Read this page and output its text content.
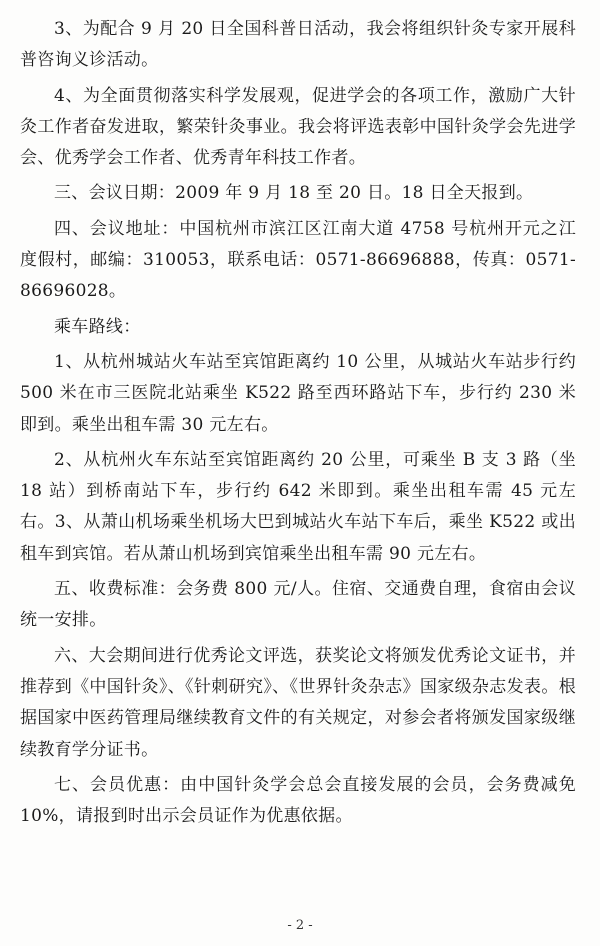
3、为配合 9 月 20 日全国科普日活动，我会将组织针灸专家开展科普咨询义诊活动。

4、为全面贯彻落实科学发展观，促进学会的各项工作，激励广大针灸工作者奋发进取，繁荣针灸事业。我会将评选表彰中国针灸学会先进学会、优秀学会工作者、优秀青年科技工作者。

三、会议日期：2009 年 9 月 18 至 20 日。18 日全天报到。

四、会议地址：中国杭州市滨江区江南大道 4758 号杭州开元之江度假村，邮编：310053，联系电话：0571-86696888，传真：0571-86696028。

乘车路线：

1、从杭州城站火车站至宾馆距离约 10 公里，从城站火车站步行约 500 米在市三医院北站乘坐 K522 路至西环路站下车，步行约 230 米即到。乘坐出租车需 30 元左右。

2、从杭州火车东站至宾馆距离约 20 公里，可乘坐 B 支 3 路（坐 18 站）到桥南站下车，步行约 642 米即到。乘坐出租车需 45 元左右。3、从萧山机场乘坐机场大巴到城站火车站下车后，乘坐 K522 或出租车到宾馆。若从萧山机场到宾馆乘坐出租车需 90 元左右。

五、收费标准：会务费 800 元/人。住宿、交通费自理，食宿由会议统一安排。

六、大会期间进行优秀论文评选，获奖论文将颁发优秀论文证书，并推荐到《中国针灸》、《针刺研究》、《世界针灸杂志》国家级杂志发表。根据国家中医药管理局继续教育文件的有关规定，对参会者将颁发国家级继续教育学分证书。

七、会员优惠：由中国针灸学会总会直接发展的会员，会务费减免 10%，请报到时出示会员证作为优惠依据。

- 2 -
